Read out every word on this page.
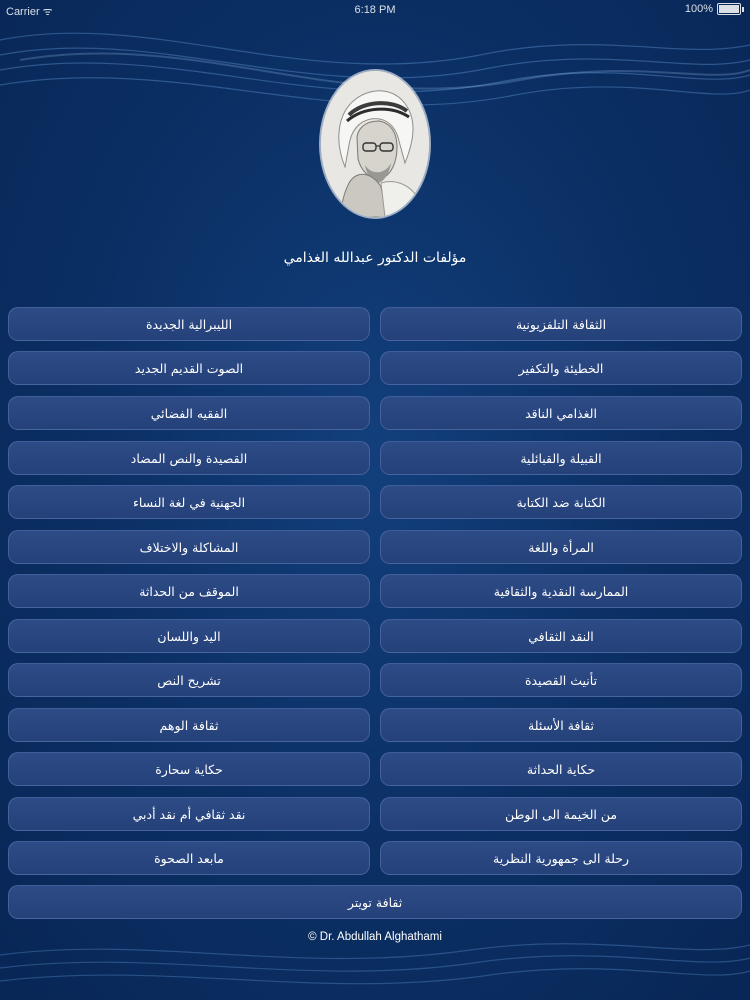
Carrier ᯤ	6:18 PM	100%
مؤلفات الدكتور عبدالله الغذامي
الثقافة التلفزيونية
الخطيئة والتكفير
الغذامي الناقد
القبيلة والقبائلية
الكتابة ضد الكتابة
المرأة واللغة
الممارسة النقدية والثقافية
النقد الثقافي
تأنيث القصيدة
ثقافة الأسئلة
حكاية الحداثة
من الخيمة الى الوطن
رحلة الى جمهورية النظرية
الليبرالية الجديدة
الصوت القديم الجديد
الفقيه الفضائي
القصيدة والنص المضاد
الجهنية في لغة النساء
المشاكلة والاختلاف
الموقف من الحداثة
اليد واللسان
تشريح النص
ثقافة الوهم
حكاية سحارة
نقد ثقافي أم نقد أدبي
مابعد الصحوة
ثقافة تويتر
© Dr. Abdullah Alghathami
